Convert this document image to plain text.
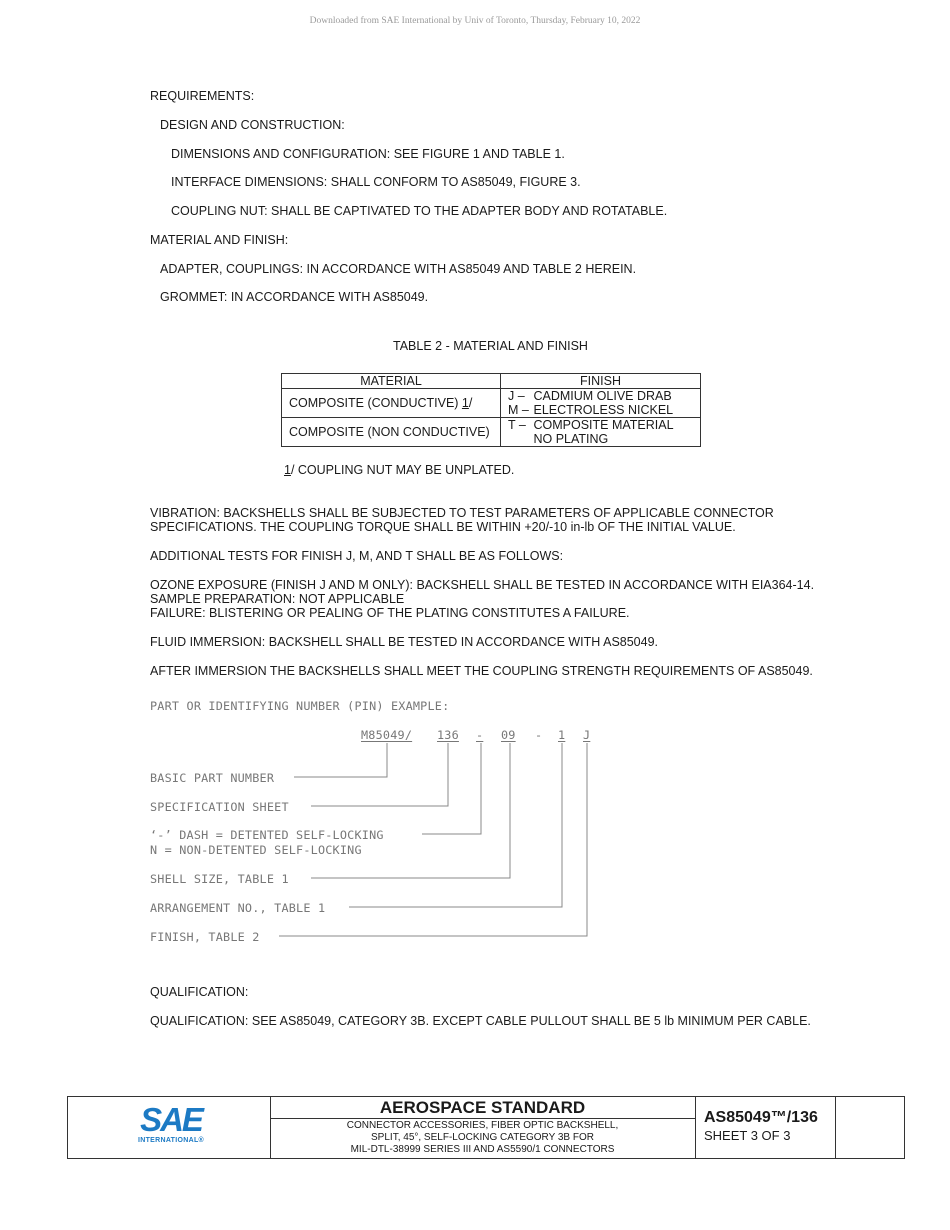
Downloaded from SAE International by Univ of Toronto, Thursday, February 10, 2022
REQUIREMENTS:
DESIGN AND CONSTRUCTION:
DIMENSIONS AND CONFIGURATION: SEE FIGURE 1 AND TABLE 1.
INTERFACE DIMENSIONS: SHALL CONFORM TO AS85049, FIGURE 3.
COUPLING NUT: SHALL BE CAPTIVATED TO THE ADAPTER BODY AND ROTATABLE.
MATERIAL AND FINISH:
ADAPTER, COUPLINGS: IN ACCORDANCE WITH AS85049 AND TABLE 2 HEREIN.
GROMMET: IN ACCORDANCE WITH AS85049.
TABLE 2 - MATERIAL AND FINISH
MATERIAL	FINISH
COMPOSITE (CONDUCTIVE) 1/	J – CADMIUM OLIVE DRAB
M – ELECTROLESS NICKEL

COMPOSITE (NON CONDUCTIVE)	T – COMPOSITE MATERIAL
NO PLATING
1/ COUPLING NUT MAY BE UNPLATED.
VIBRATION: BACKSHELLS SHALL BE SUBJECTED TO TEST PARAMETERS OF APPLICABLE CONNECTOR
SPECIFICATIONS. THE COUPLING TORQUE SHALL BE WITHIN +20/-10 in-lb OF THE INITIAL VALUE.
ADDITIONAL TESTS FOR FINISH J, M, AND T SHALL BE AS FOLLOWS:
OZONE EXPOSURE (FINISH J AND M ONLY): BACKSHELL SHALL BE TESTED IN ACCORDANCE WITH EIA364-14.
SAMPLE PREPARATION: NOT APPLICABLE
FAILURE: BLISTERING OR PEALING OF THE PLATING CONSTITUTES A FAILURE.
FLUID IMMERSION: BACKSHELL SHALL BE TESTED IN ACCORDANCE WITH AS85049.
AFTER IMMERSION THE BACKSHELLS SHALL MEET THE COUPLING STRENGTH REQUIREMENTS OF AS85049.
PART OR IDENTIFYING NUMBER (PIN) EXAMPLE:
M85049/ 136 - 09 - 1 J
BASIC PART NUMBER
SPECIFICATION SHEET
‘-’ DASH = DETENTED SELF-LOCKING
N = NON-DETENTED SELF-LOCKING
SHELL SIZE, TABLE 1
ARRANGEMENT NO., TABLE 1
FINISH, TABLE 2
QUALIFICATION:
QUALIFICATION: SEE AS85049, CATEGORY 3B. EXCEPT CABLE PULLOUT SHALL BE 5 lb MINIMUM PER CABLE.
SAE
INTERNATIONAL®
AEROSPACE STANDARD
CONNECTOR ACCESSORIES, FIBER OPTIC BACKSHELL,
SPLIT, 45°, SELF-LOCKING CATEGORY 3B FOR
MIL-DTL-38999 SERIES III AND AS5590/1 CONNECTORS
AS85049™/136
SHEET 3 OF 3
